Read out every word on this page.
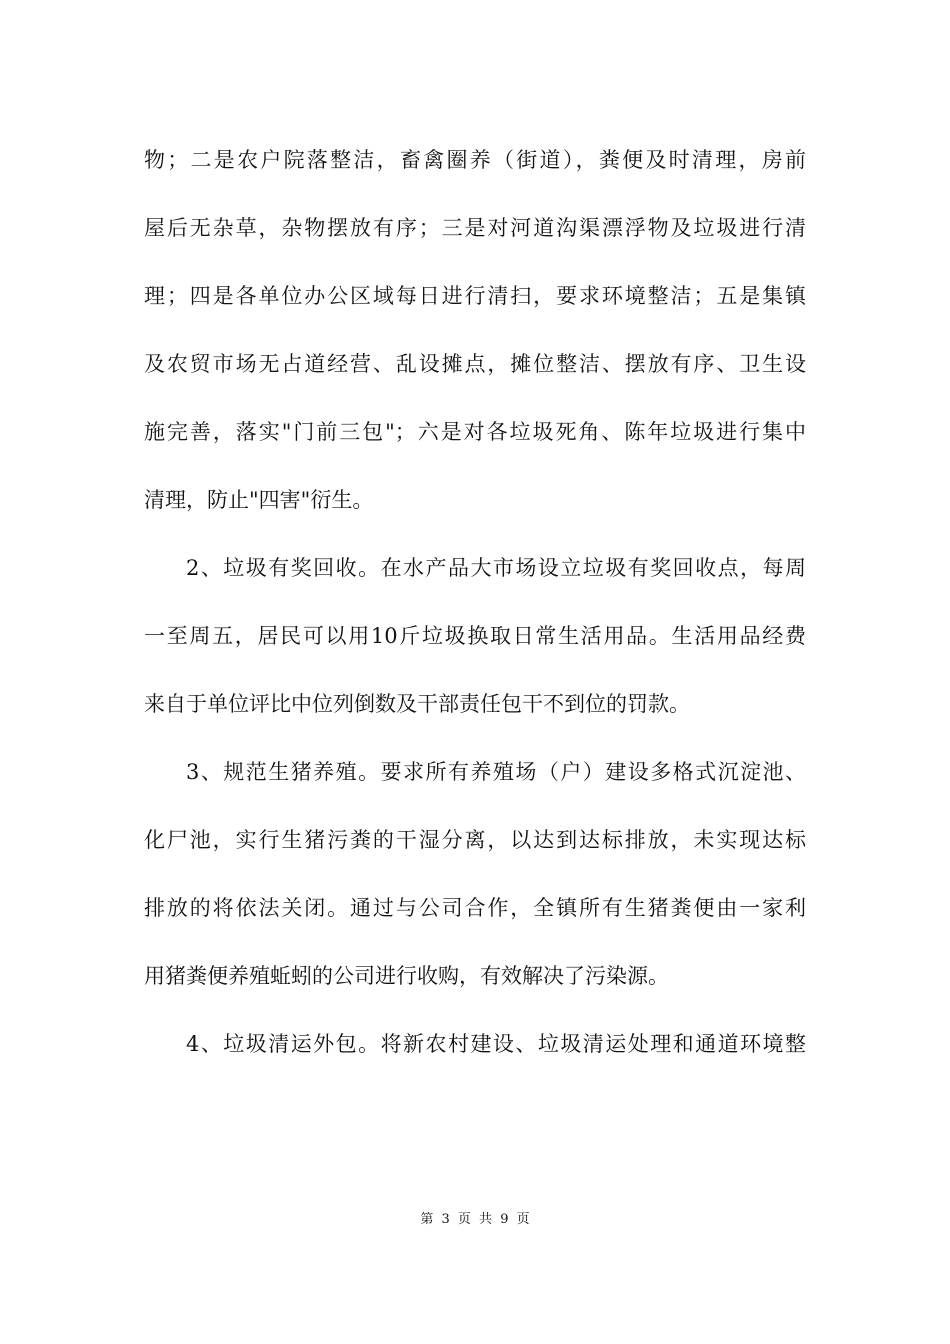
物；二是农户院落整洁，畜禽圈养（街道），粪便及时清理，房前
屋后无杂草，杂物摆放有序；三是对河道沟渠漂浮物及垃圾进行清
理；四是各单位办公区域每日进行清扫，要求环境整洁；五是集镇
及农贸市场无占道经营、乱设摊点，摊位整洁、摆放有序、卫生设
施完善，落实"门前三包"；六是对各垃圾死角、陈年垃圾进行集中
清理，防止"四害"衍生。
2、垃圾有奖回收。在水产品大市场设立垃圾有奖回收点，每周
一至周五，居民可以用10斤垃圾换取日常生活用品。生活用品经费
来自于单位评比中位列倒数及干部责任包干不到位的罚款。
3、规范生猪养殖。要求所有养殖场（户）建设多格式沉淀池、
化尸池，实行生猪污粪的干湿分离，以达到达标排放，未实现达标
排放的将依法关闭。通过与公司合作，全镇所有生猪粪便由一家利
用猪粪便养殖蚯蚓的公司进行收购，有效解决了污染源。
4、垃圾清运外包。将新农村建设、垃圾清运处理和通道环境整
第 3 页 共 9 页
